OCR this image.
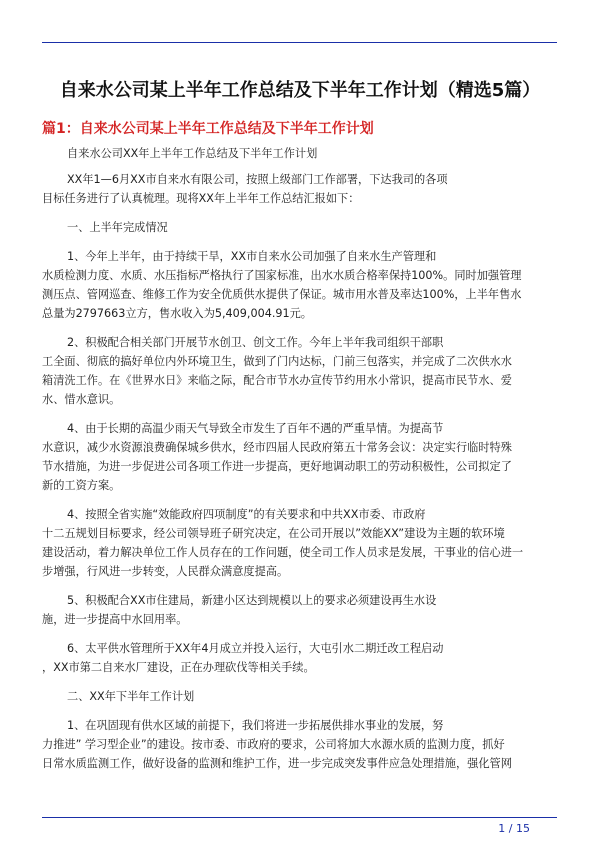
自来水公司某上半年工作总结及下半年工作计划（精选5篇）
篇1：自来水公司某上半年工作总结及下半年工作计划
自来水公司XX年上半年工作总结及下半年工作计划
XX年1—6月XX市自来水有限公司，按照上级部门工作部署，下达我司的各项
目标任务进行了认真梳理。现将XX年上半年工作总结汇报如下：
一、上半年完成情况
1、今年上半年，由于持续干旱，XX市自来水公司加强了自来水生产管理和
水质检测力度、水质、水压指标严格执行了国家标准，出水水质合格率保持100%。同时加强管理
测压点、管网巡查、维修工作为安全优质供水提供了保证。城市用水普及率达100%，上半年售水
总量为2797663立方，售水收入为5,409,004.91元。
2、积极配合相关部门开展节水创卫、创文工作。今年上半年我司组织干部职
工全面、彻底的搞好单位内外环境卫生，做到了门内达标，门前三包落实，并完成了二次供水水
箱清洗工作。在《世界水日》来临之际，配合市节水办宣传节约用水小常识，提高市民节水、爱
水、惜水意识。
4、由于长期的高温少雨天气导致全市发生了百年不遇的严重旱情。为提高节
水意识，减少水资源浪费确保城乡供水，经市四届人民政府第五十常务会议：决定实行临时特殊
节水措施，为进一步促进公司各项工作进一步提高，更好地调动职工的劳动积极性，公司拟定了
新的工资方案。
4、按照全省实施“效能政府四项制度”的有关要求和中共XX市委、市政府
十二五规划目标要求，经公司领导班子研究决定，在公司开展以”效能XX”建设为主题的软环境
建设活动，着力解决单位工作人员存在的工作问题，使全司工作人员求是发展，干事业的信心进一
步增强，行风进一步转变，人民群众满意度提高。
5、积极配合XX市住建局，新建小区达到规模以上的要求必须建设再生水设
施，进一步提高中水回用率。
6、太平供水管理所于XX年4月成立并投入运行，大屯引水二期迁改工程启动
，XX市第二自来水厂建设，正在办理砍伐等相关手续。
二、XX年下半年工作计划
1、在巩固现有供水区域的前提下，我们将进一步拓展供排水事业的发展，努
力推进” 学习型企业”的建设。按市委、市政府的要求，公司将加大水源水质的监测力度，抓好
日常水质监测工作，做好设备的监测和维护工作，进一步完成突发事件应急处理措施，强化管网
1 / 15
